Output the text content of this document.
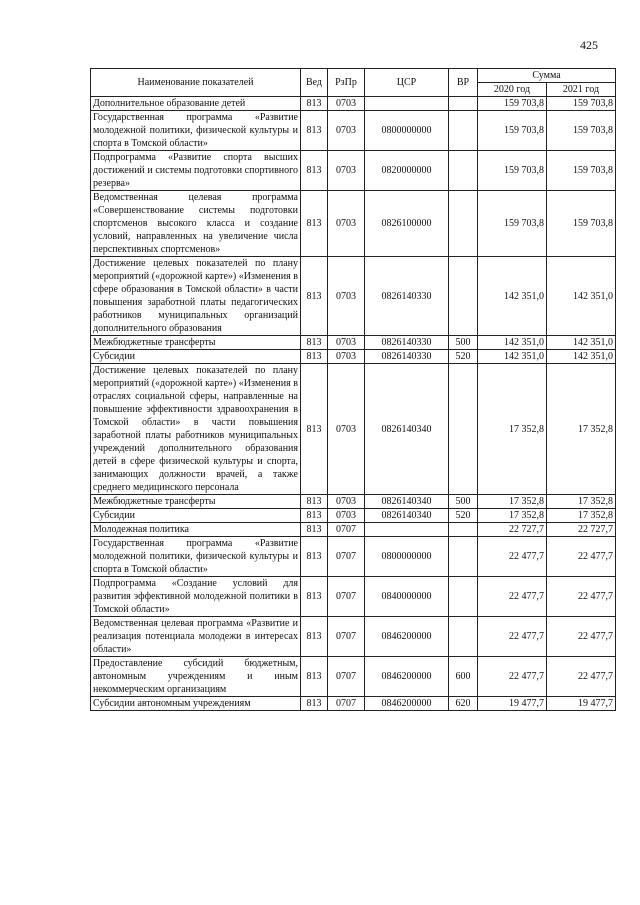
425
Наименование показателей	Вед	РзПр	ЦСР	ВР	Сумма	
					2020 год	2021 год
Дополнительное образование детей	813	0703			159 703,8	159 703,8
Государственная программа «Развитие молодежной политики, физической культуры и спорта в Томской области»	813	0703	0800000000		159 703,8	159 703,8
Подпрограмма «Развитие спорта высших достижений и системы подготовки спортивного резерва»	813	0703	0820000000		159 703,8	159 703,8
Ведомственная целевая программа «Совершенствование системы подготовки спортсменов высокого класса и создание условий, направленных на увеличение числа перспективных спортсменов»	813	0703	0826100000		159 703,8	159 703,8
Достижение целевых показателей по плану мероприятий («дорожной карте») «Изменения в сфере образования в Томской области» в части повышения заработной платы педагогических работников муниципальных организаций дополнительного образования	813	0703	0826140330		142 351,0	142 351,0
Межбюджетные трансферты	813	0703	0826140330	500	142 351,0	142 351,0
Субсидии	813	0703	0826140330	520	142 351,0	142 351,0
Достижение целевых показателей по плану мероприятий («дорожной карте») «Изменения в отраслях социальной сферы, направленные на повышение эффективности здравоохранения в Томской области» в части повышения заработной платы работников муниципальных учреждений дополнительного образования детей в сфере физической культуры и спорта, занимающих должности врачей, а также среднего медицинского персонала	813	0703	0826140340		17 352,8	17 352,8
Межбюджетные трансферты	813	0703	0826140340	500	17 352,8	17 352,8
Субсидии	813	0703	0826140340	520	17 352,8	17 352,8
Молодежная политика	813	0707			22 727,7	22 727,7
Государственная программа «Развитие молодежной политики, физической культуры и спорта в Томской области»	813	0707	0800000000		22 477,7	22 477,7
Подпрограмма «Создание условий для развития эффективной молодежной политики в Томской области»	813	0707	0840000000		22 477,7	22 477,7
Ведомственная целевая программа «Развитие и реализация потенциала молодежи в интересах области»	813	0707	0846200000		22 477,7	22 477,7
Предоставление субсидий бюджетным, автономным учреждениям и иным некоммерческим организациям	813	0707	0846200000	600	22 477,7	22 477,7
Субсидии автономным учреждениям	813	0707	0846200000	620	19 477,7	19 477,7
